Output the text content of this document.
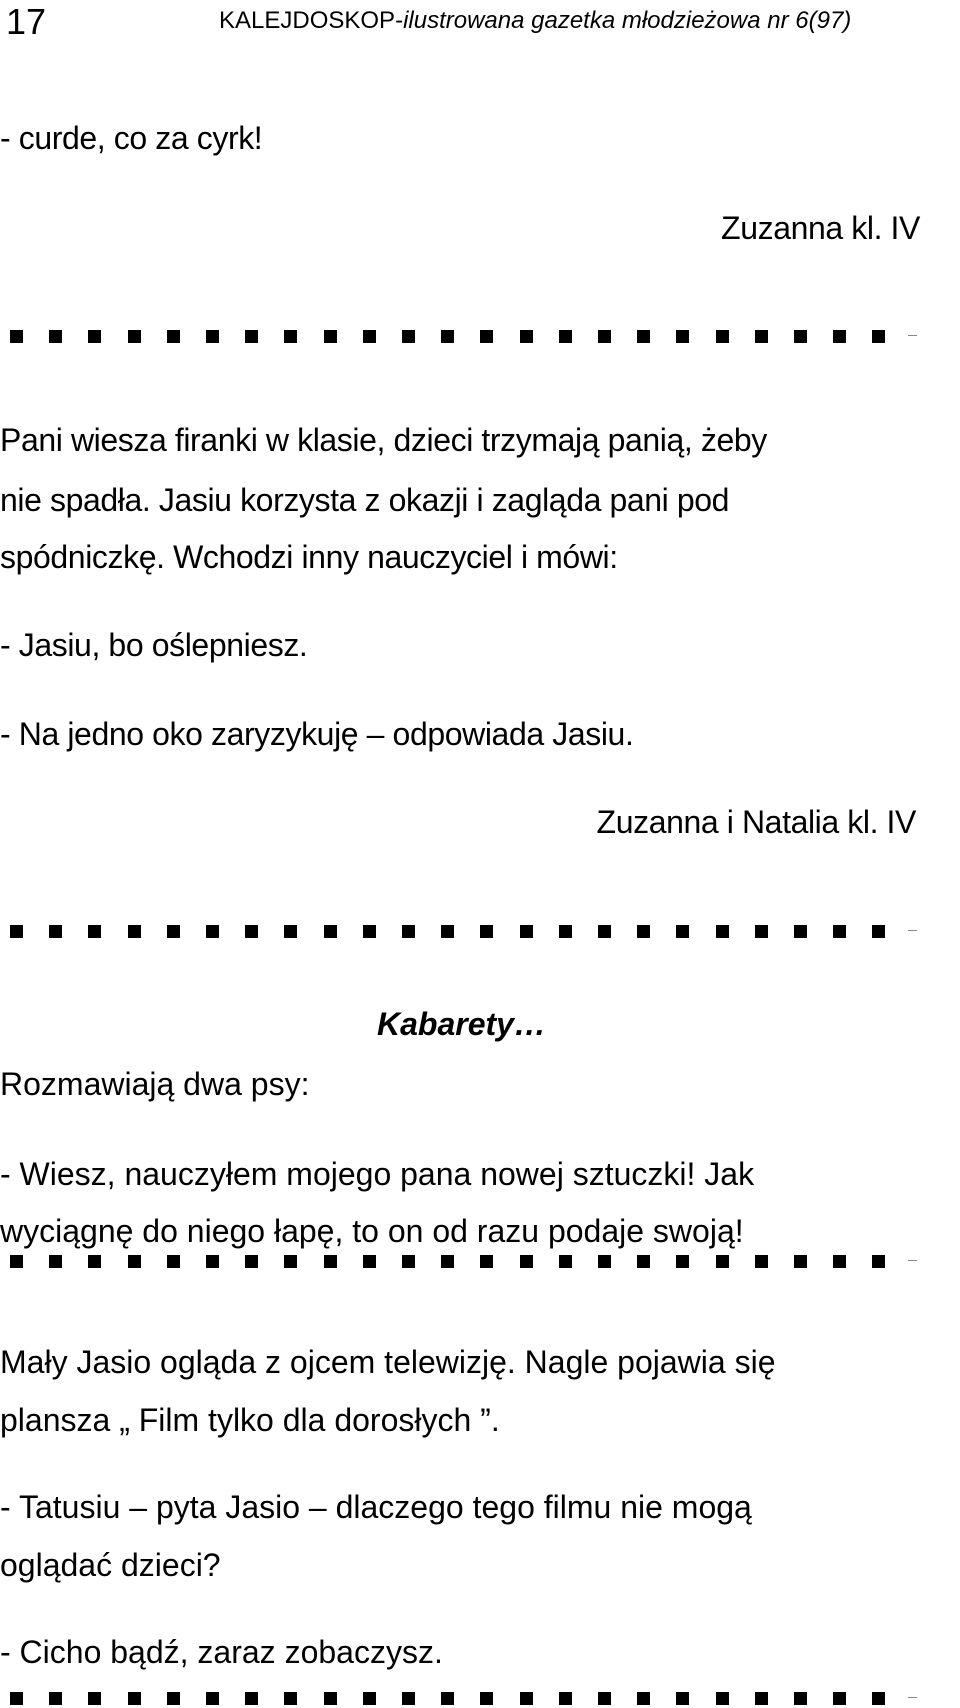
17	KALEJDOSKOP-ilustrowana gazetka młodzieżowa nr 6(97)
- curde, co za cyrk!
Zuzanna kl. IV
Pani wiesza firanki w klasie, dzieci trzymają panią, żeby
nie spadła. Jasiu korzysta z okazji i zagląda pani pod
spódniczkę. Wchodzi inny nauczyciel i mówi:
- Jasiu, bo oślepniesz.
- Na jedno oko zaryzykuję – odpowiada Jasiu.
Zuzanna i Natalia kl. IV
Kabarety…
Rozmawiają dwa psy:
- Wiesz, nauczyłem mojego pana nowej sztuczki! Jak
wyciągnę do niego łapę, to on od razu podaje swoją!
Mały Jasio ogląda z ojcem telewizję. Nagle pojawia się
plansza „ Film tylko dla dorosłych ”.
- Tatusiu – pyta Jasio – dlaczego tego filmu nie mogą
oglądać dzieci?
- Cicho bądź, zaraz zobaczysz.
